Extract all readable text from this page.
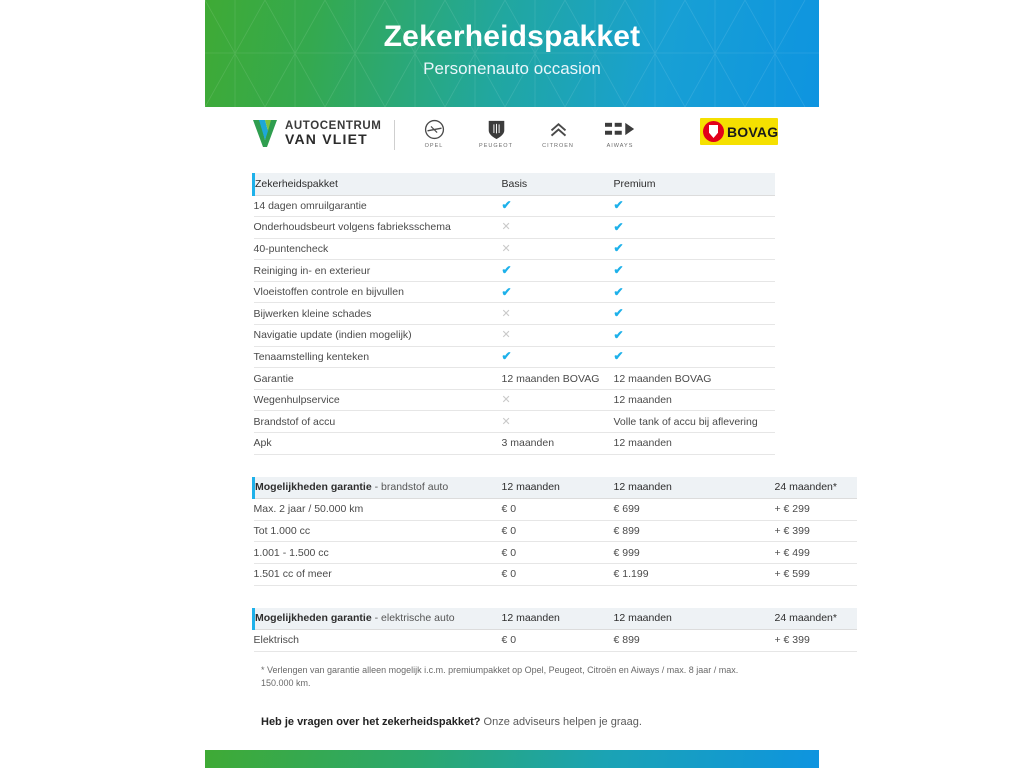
Zekerheidspakket
Personenauto occasion
AUTOCENTRUM
VAN VLIET	OPEL	PEUGEOT	CITROEN	AIWAYS
BOVAG
Zekerheidspakket	Basis	Premium
14 dagen omruilgarantie	✔	✔
Onderhoudsbeurt volgens fabrieksschema	✕	✔
40-puntencheck	✕	✔
Reiniging in- en exterieur	✔	✔
Vloeistoffen controle en bijvullen	✔	✔
Bijwerken kleine schades	✕	✔
Navigatie update (indien mogelijk)	✕	✔
Tenaamstelling kenteken	✔	✔
Garantie	12 maanden BOVAG	12 maanden BOVAG
Wegenhulpservice	✕	12 maanden
Brandstof of accu	✕	Volle tank of accu bij aflevering
Apk	3 maanden	12 maanden
Mogelijkheden garantie - brandstof auto	12 maanden	12 maanden	24 maanden*
Max. 2 jaar / 50.000 km	€ 0	€ 699	+ € 299
Tot 1.000 cc	€ 0	€ 899	+ € 399
1.001 - 1.500 cc	€ 0	€ 999	+ € 499
1.501 cc of meer	€ 0	€ 1.199	+ € 599
Mogelijkheden garantie - elektrische auto	12 maanden	12 maanden	24 maanden*
Elektrisch	€ 0	€ 899	+ € 399
* Verlengen van garantie alleen mogelijk i.c.m. premiumpakket op Opel, Peugeot, Citroën en Aiways / max. 8 jaar / max. 150.000 km.
Heb je vragen over het zekerheidspakket? Onze adviseurs helpen je graag.
